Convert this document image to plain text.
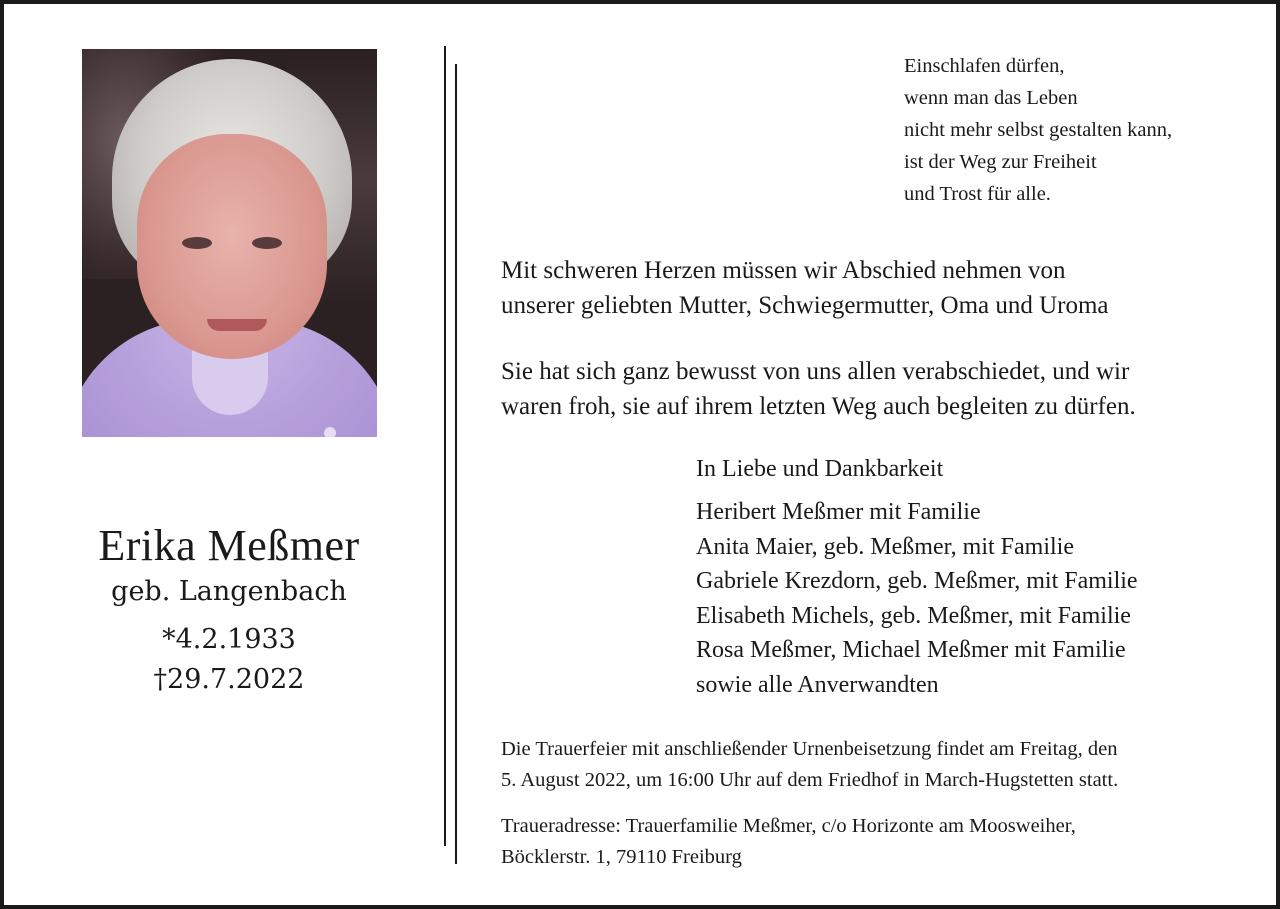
Erika Meßmer
geb. Langenbach
*4.2.1933
†29.7.2022
Einschlafen dürfen,
wenn man das Leben
nicht mehr selbst gestalten kann,
ist der Weg zur Freiheit
und Trost für alle.
Mit schweren Herzen müssen wir Abschied nehmen von
unserer geliebten Mutter, Schwiegermutter, Oma und Uroma
Sie hat sich ganz bewusst von uns allen verabschiedet, und wir
waren froh, sie auf ihrem letzten Weg auch begleiten zu dürfen.
In Liebe und Dankbarkeit
Heribert Meßmer mit Familie
Anita Maier, geb. Meßmer, mit Familie
Gabriele Krezdorn, geb. Meßmer, mit Familie
Elisabeth Michels, geb. Meßmer, mit Familie
Rosa Meßmer, Michael Meßmer mit Familie
sowie alle Anverwandten
Die Trauerfeier mit anschließender Urnenbeisetzung findet am Freitag, den
5. August 2022, um 16:00 Uhr auf dem Friedhof in March-Hugstetten statt.
Traueradresse: Trauerfamilie Meßmer, c/o Horizonte am Moosweiher,
Böcklerstr. 1, 79110 Freiburg
